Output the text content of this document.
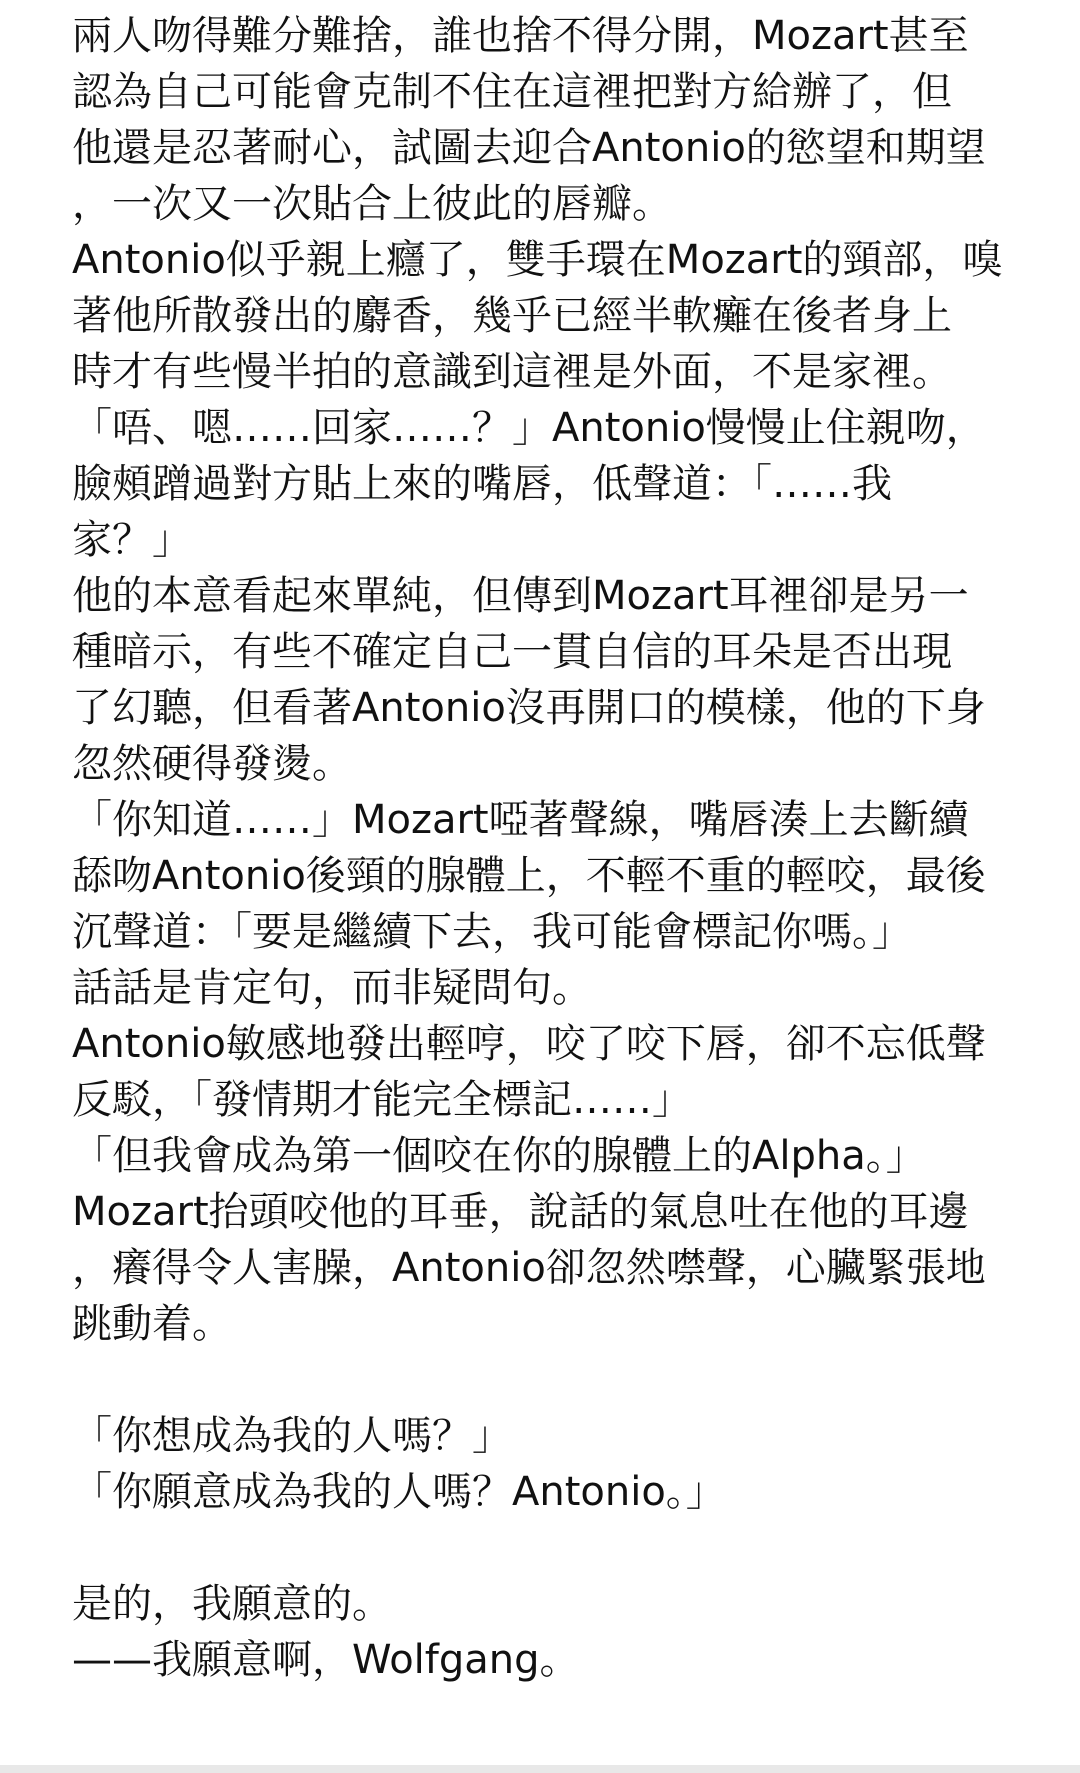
兩人吻得難分難捨，誰也捨不得分開，Mozart甚至
認為自己可能會克制不住在這裡把對方給辦了，但
他還是忍著耐心，試圖去迎合Antonio的慾望和期望
，一次又一次貼合上彼此的唇瓣。
Antonio似乎親上癮了，雙手環在Mozart的頸部，嗅
著他所散發出的麝香，幾乎已經半軟癱在後者身上
時才有些慢半拍的意識到這裡是外面，不是家裡。
「唔、嗯……回家……？」Antonio慢慢止住親吻，
臉頰蹭過對方貼上來的嘴唇，低聲道：「……我
家？」
他的本意看起來單純，但傳到Mozart耳裡卻是另一
種暗示，有些不確定自己一貫自信的耳朵是否出現
了幻聽，但看著Antonio沒再開口的模樣，他的下身
忽然硬得發燙。
「你知道……」Mozart啞著聲線，嘴唇湊上去斷續
舔吻Antonio後頸的腺體上，不輕不重的輕咬，最後
沉聲道：「要是繼續下去，我可能會標記你嗎。」
話話是肯定句，而非疑問句。
Antonio敏感地發出輕哼，咬了咬下唇，卻不忘低聲
反駁，「發情期才能完全標記……」
「但我會成為第一個咬在你的腺體上的Alpha。」
Mozart抬頭咬他的耳垂，說話的氣息吐在他的耳邊
，癢得令人害臊，Antonio卻忽然噤聲，心臟緊張地
跳動着。
「你想成為我的人嗎？」
「你願意成為我的人嗎？Antonio。」
是的，我願意的。
——我願意啊，Wolfgang。
